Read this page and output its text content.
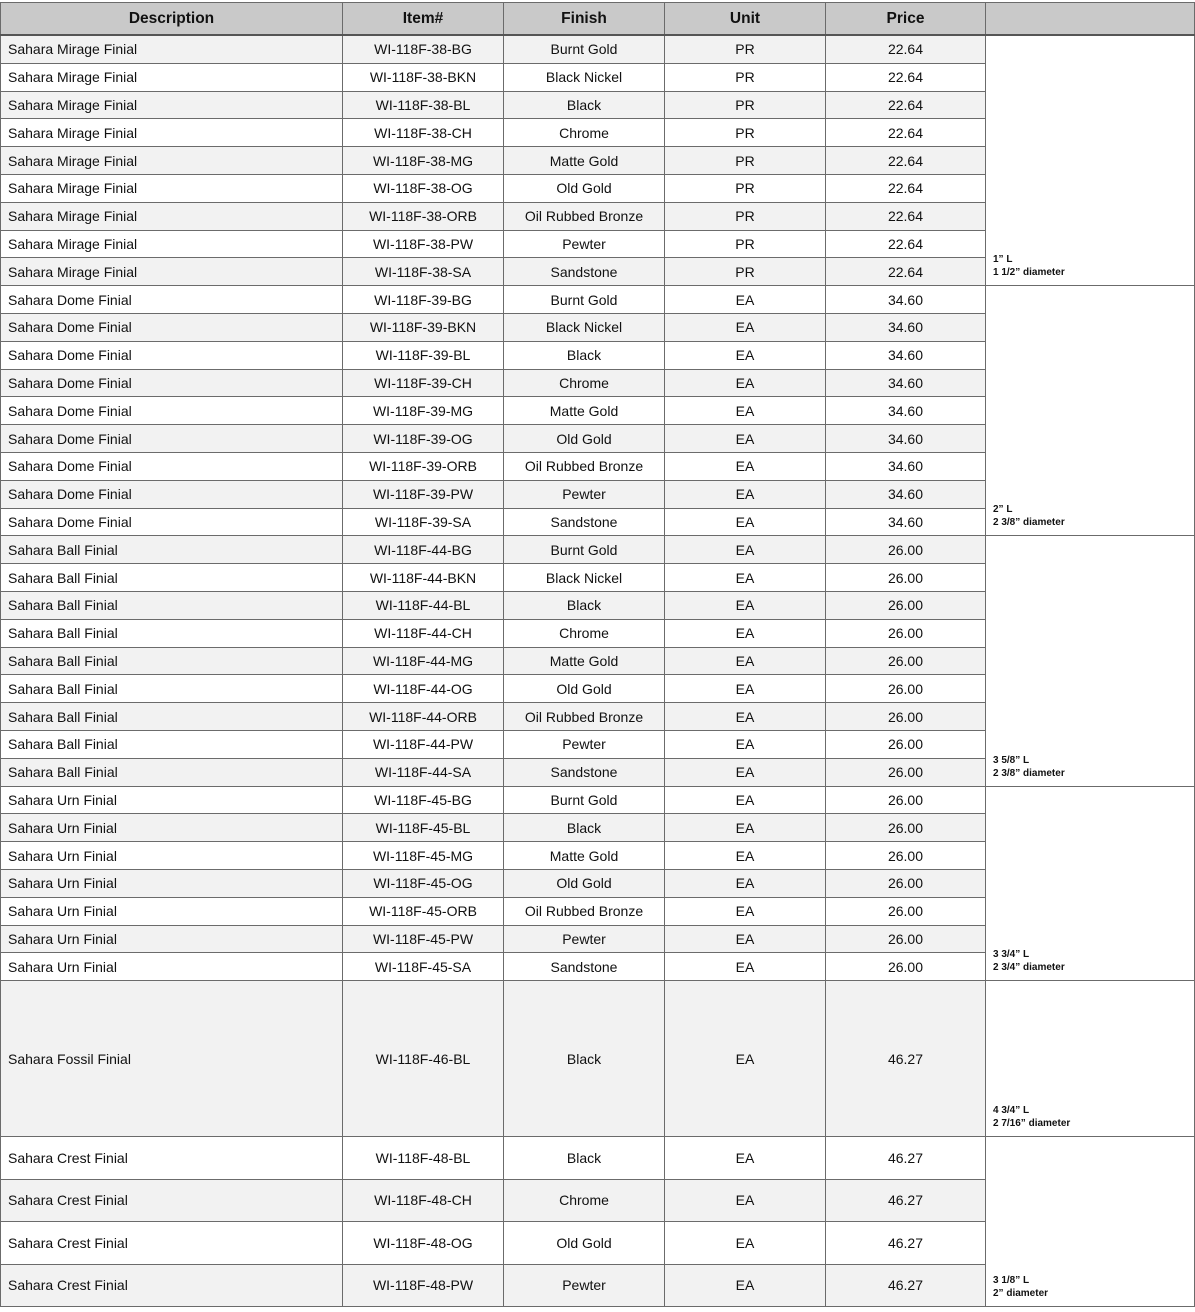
Description	Item#	Finish	Unit	Price	
Sahara Mirage Finial	WI-118F-38-BG	Burnt Gold	PR	22.64	1” L
1 1/2” diameter

Sahara Mirage Finial	WI-118F-38-BKN	Black Nickel	PR	22.64	
Sahara Mirage Finial	WI-118F-38-BL	Black	PR	22.64	
Sahara Mirage Finial	WI-118F-38-CH	Chrome	PR	22.64	
Sahara Mirage Finial	WI-118F-38-MG	Matte Gold	PR	22.64	
Sahara Mirage Finial	WI-118F-38-OG	Old Gold	PR	22.64	
Sahara Mirage Finial	WI-118F-38-ORB	Oil Rubbed Bronze	PR	22.64	
Sahara Mirage Finial	WI-118F-38-PW	Pewter	PR	22.64	
Sahara Mirage Finial	WI-118F-38-SA	Sandstone	PR	22.64	
Sahara Dome Finial	WI-118F-39-BG	Burnt Gold	EA	34.60	2” L
2 3/8” diameter

Sahara Dome Finial	WI-118F-39-BKN	Black Nickel	EA	34.60	
Sahara Dome Finial	WI-118F-39-BL	Black	EA	34.60	
Sahara Dome Finial	WI-118F-39-CH	Chrome	EA	34.60	
Sahara Dome Finial	WI-118F-39-MG	Matte Gold	EA	34.60	
Sahara Dome Finial	WI-118F-39-OG	Old Gold	EA	34.60	
Sahara Dome Finial	WI-118F-39-ORB	Oil Rubbed Bronze	EA	34.60	
Sahara Dome Finial	WI-118F-39-PW	Pewter	EA	34.60	
Sahara Dome Finial	WI-118F-39-SA	Sandstone	EA	34.60	
Sahara Ball Finial	WI-118F-44-BG	Burnt Gold	EA	26.00	3 5/8” L
2 3/8” diameter

Sahara Ball Finial	WI-118F-44-BKN	Black Nickel	EA	26.00	
Sahara Ball Finial	WI-118F-44-BL	Black	EA	26.00	
Sahara Ball Finial	WI-118F-44-CH	Chrome	EA	26.00	
Sahara Ball Finial	WI-118F-44-MG	Matte Gold	EA	26.00	
Sahara Ball Finial	WI-118F-44-OG	Old Gold	EA	26.00	
Sahara Ball Finial	WI-118F-44-ORB	Oil Rubbed Bronze	EA	26.00	
Sahara Ball Finial	WI-118F-44-PW	Pewter	EA	26.00	
Sahara Ball Finial	WI-118F-44-SA	Sandstone	EA	26.00	
Sahara Urn Finial	WI-118F-45-BG	Burnt Gold	EA	26.00	3 3/4” L
2 3/4” diameter

Sahara Urn Finial	WI-118F-45-BL	Black	EA	26.00	
Sahara Urn Finial	WI-118F-45-MG	Matte Gold	EA	26.00	
Sahara Urn Finial	WI-118F-45-OG	Old Gold	EA	26.00	
Sahara Urn Finial	WI-118F-45-ORB	Oil Rubbed Bronze	EA	26.00	
Sahara Urn Finial	WI-118F-45-PW	Pewter	EA	26.00	
Sahara Urn Finial	WI-118F-45-SA	Sandstone	EA	26.00	
Sahara Fossil Finial	WI-118F-46-BL	Black	EA	46.27	4 3/4” L
2 7/16” diameter

Sahara Crest Finial	WI-118F-48-BL	Black	EA	46.27	3 1/8” L
2” diameter

Sahara Crest Finial	WI-118F-48-CH	Chrome	EA	46.27	
Sahara Crest Finial	WI-118F-48-OG	Old Gold	EA	46.27	
Sahara Crest Finial	WI-118F-48-PW	Pewter	EA	46.27	
